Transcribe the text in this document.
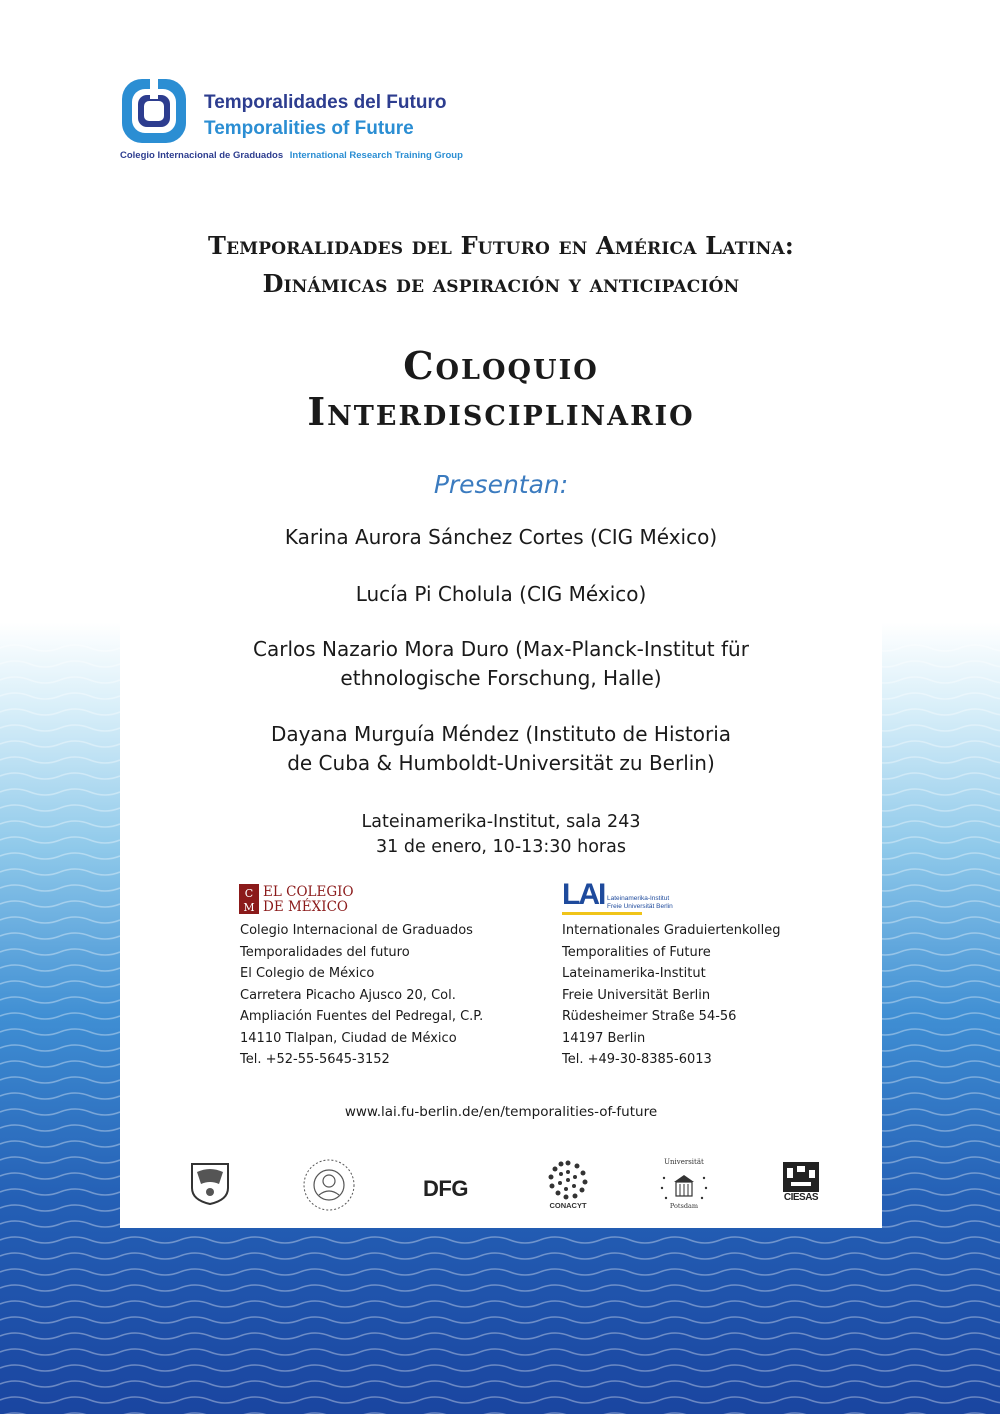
Temporalidades del Futuro
Temporalities of Future
Colegio Internacional de Graduados International Research Training Group
Temporalidades del Futuro en América Latina:
Dinámicas de aspiración y anticipación
Coloquio
Interdisciplinario
Presentan:
Karina Aurora Sánchez Cortes (CIG México)
Lucía Pi Cholula (CIG México)
Carlos Nazario Mora Duro (Max-Planck-Institut für
ethnologische Forschung, Halle)
Dayana Murguía Méndez (Instituto de Historia
de Cuba & Humboldt-Universität zu Berlin)
Lateinamerika-Institut, sala 243
31 de enero, 10-13:30 horas
C
M
EL COLEGIO
DE MÉXICO	LAI Lateinamerika-Institut
Freie Universität Berlin
Colegio Internacional de Graduados
Temporalidades del futuro
El Colegio de México
Carretera Picacho Ajusco 20, Col.
Ampliación Fuentes del Pedregal, C.P.
14110 Tlalpan, Ciudad de México
Tel. +52-55-5645-3152
Internationales Graduiertenkolleg
Temporalities of Future
Lateinamerika-Institut
Freie Universität Berlin
Rüdesheimer Straße 54-56
14197 Berlin
Tel. +49-30-8385-6013
www.lai.fu-berlin.de/en/temporalities-of-future
DFG
CONACYT
Universität
Potsdam
CIESAS
